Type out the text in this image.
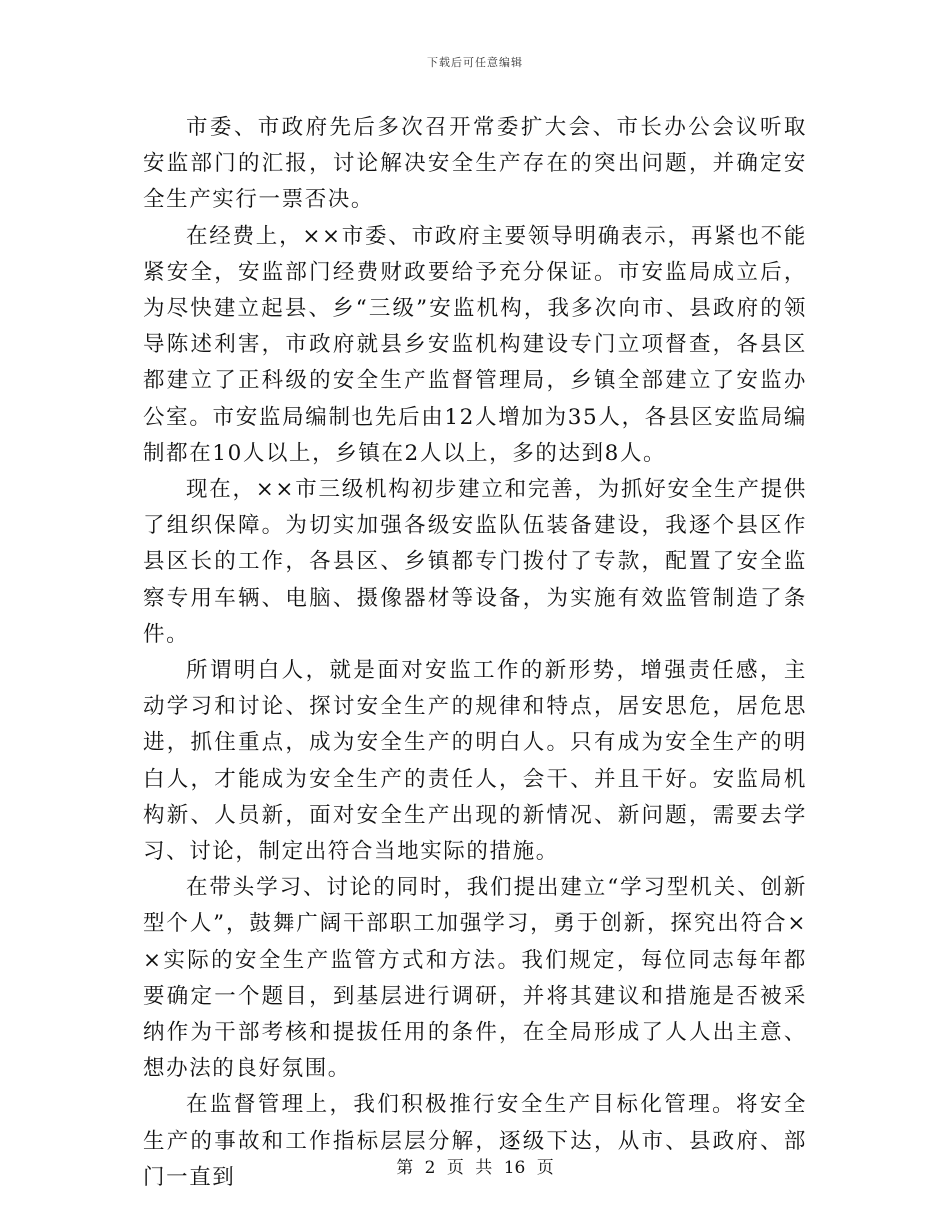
下载后可任意编辑

市委、市政府先后多次召开常委扩大会、市长办公会议听取安监部门的汇报，讨论解决安全生产存在的突出问题，并确定安全生产实行一票否决。

在经费上，××市委、市政府主要领导明确表示，再紧也不能紧安全，安监部门经费财政要给予充分保证。市安监局成立后，为尽快建立起县、乡“三级”安监机构，我多次向市、县政府的领导陈述利害，市政府就县乡安监机构建设专门立项督查，各县区都建立了正科级的安全生产监督管理局，乡镇全部建立了安监办公室。市安监局编制也先后由12人增加为35人，各县区安监局编制都在10人以上，乡镇在2人以上，多的达到8人。

现在，××市三级机构初步建立和完善，为抓好安全生产提供了组织保障。为切实加强各级安监队伍装备建设，我逐个县区作县区长的工作，各县区、乡镇都专门拨付了专款，配置了安全监察专用车辆、电脑、摄像器材等设备，为实施有效监管制造了条件。

所谓明白人，就是面对安监工作的新形势，增强责任感，主动学习和讨论、探讨安全生产的规律和特点，居安思危，居危思进，抓住重点，成为安全生产的明白人。只有成为安全生产的明白人，才能成为安全生产的责任人，会干、并且干好。安监局机构新、人员新，面对安全生产出现的新情况、新问题，需要去学习、讨论，制定出符合当地实际的措施。

在带头学习、讨论的同时，我们提出建立“学习型机关、创新型个人”，鼓舞广阔干部职工加强学习，勇于创新，探究出符合××实际的安全生产监管方式和方法。我们规定，每位同志每年都要确定一个题目，到基层进行调研，并将其建议和措施是否被采纳作为干部考核和提拔任用的条件，在全局形成了人人出主意、想办法的良好氛围。

在监督管理上，我们积极推行安全生产目标化管理。将安全生产的事故和工作指标层层分解，逐级下达，从市、县政府、部门一直到	第 2 页 共 16 页
